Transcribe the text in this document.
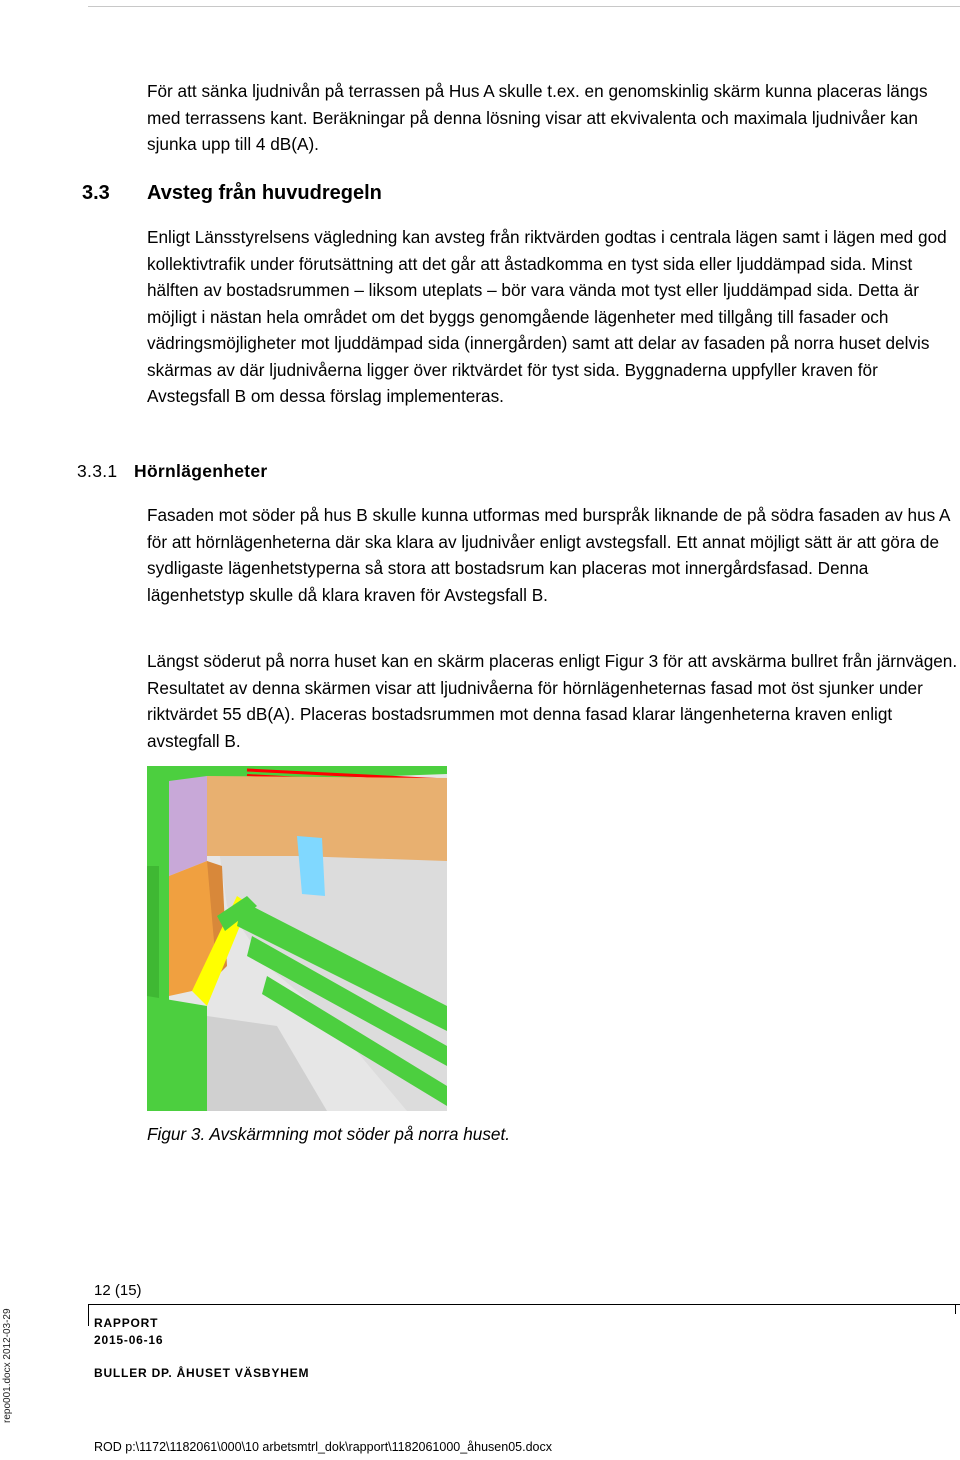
För att sänka ljudnivån på terrassen på Hus A skulle t.ex. en genomskinlig skärm kunna placeras längs med terrassens kant. Beräkningar på denna lösning visar att ekvivalenta och maximala ljudnivåer kan sjunka upp till 4 dB(A).

3.3 Avsteg från huvudregeln

Enligt Länsstyrelsens vägledning kan avsteg från riktvärden godtas i centrala lägen samt i lägen med god kollektivtrafik under förutsättning att det går att åstadkomma en tyst sida eller ljuddämpad sida. Minst hälften av bostadsrummen – liksom uteplats – bör vara vända mot tyst eller ljuddämpad sida. Detta är möjligt i nästan hela området om det byggs genomgående lägenheter med tillgång till fasader och vädringsmöjligheter mot ljuddämpad sida (innergården) samt att delar av fasaden på norra huset delvis skärmas av där ljudnivåerna ligger över riktvärdet för tyst sida. Byggnaderna uppfyller kraven för Avstegsfall B om dessa förslag implementeras.

3.3.1 Hörnlägenheter

Fasaden mot söder på hus B skulle kunna utformas med burspråk liknande de på södra fasaden av hus A för att hörnlägenheterna där ska klara av ljudnivåer enligt avstegsfall. Ett annat möjligt sätt är att göra de sydligaste lägenhetstyperna så stora att bostadsrum kan placeras mot innergårdsfasad. Denna lägenhetstyp skulle då klara kraven för Avstegsfall B.

Längst söderut på norra huset kan en skärm placeras enligt Figur 3 för att avskärma bullret från järnvägen. Resultatet av denna skärmen visar att ljudnivåerna för hörnlägenheternas fasad mot öst sjunker under riktvärdet 55 dB(A). Placeras bostadsrummen mot denna fasad klarar längenheterna kraven enligt avstegfall B.

Figur 3. Avskärmning mot söder på norra huset.

12 (15)
RAPPORT
2015-06-16
BULLER DP. ÅHUSET VÄSBYHEM
ROD p:\1172\1182061\000\10 arbetsmtrl_dok\rapport\1182061000_åhusen05.docx
repo001.docx 2012-03-29
